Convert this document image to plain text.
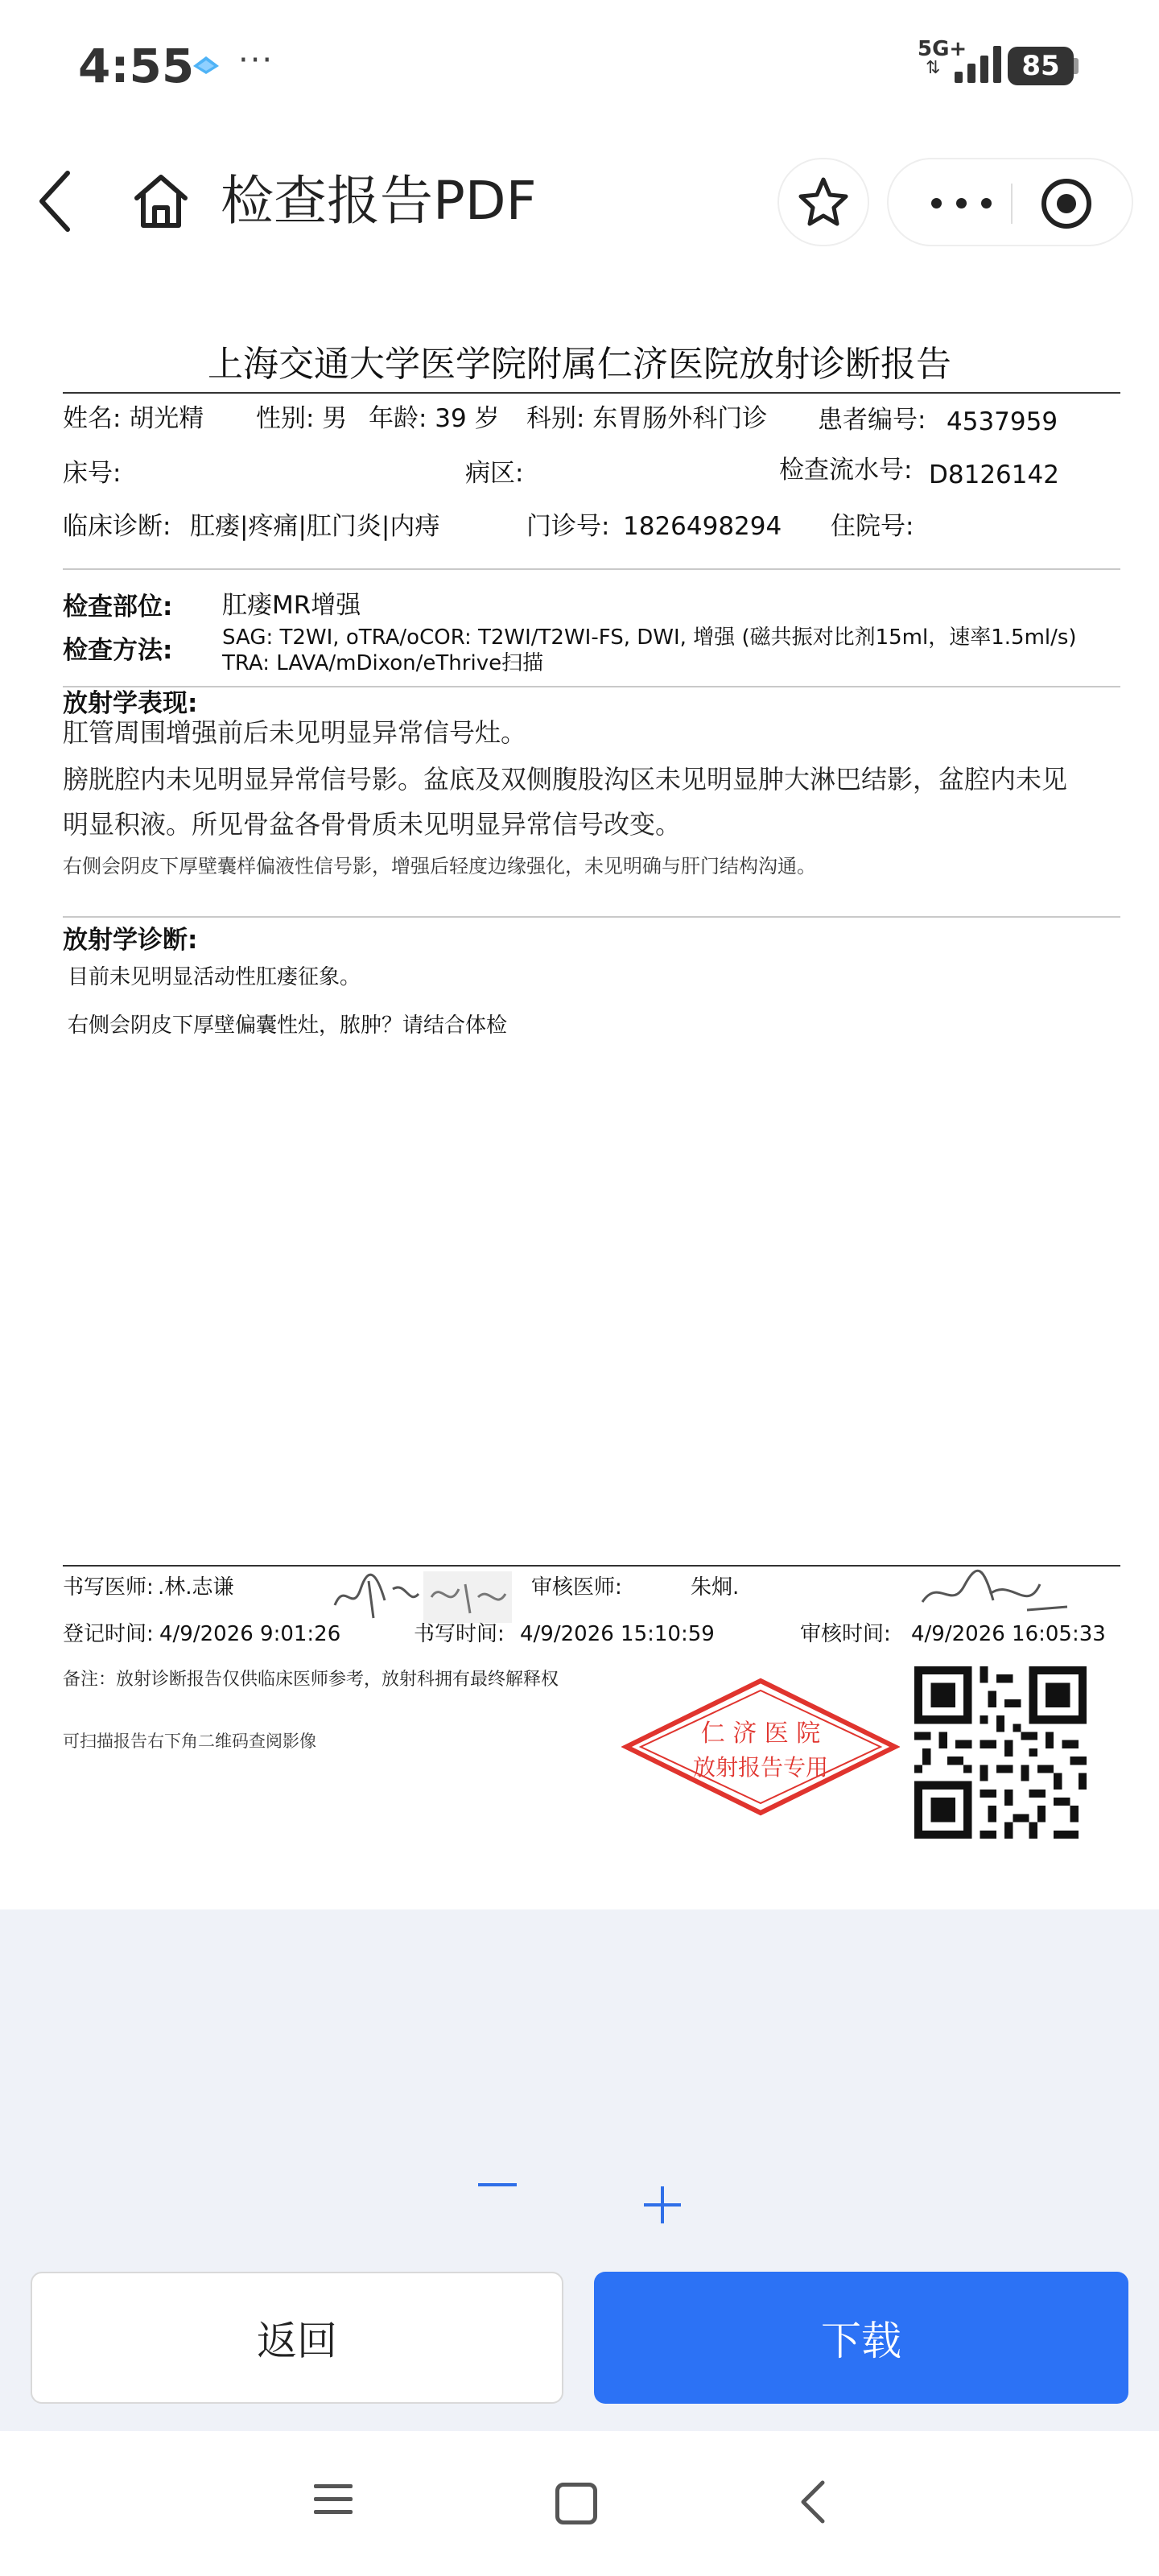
4:55 ···	5G+
⇅	85
检查报告PDF
上海交通大学医学院附属仁济医院放射诊断报告
姓名: 胡光精 性别: 男 年龄: 39 岁 科别: 东胃肠外科门诊 患者编号: 4537959
床号:	病区:	检查流水号: D8126142
临床诊断: 肛瘘|疼痛|肛门炎|内痔	门诊号: 1826498294 住院号:
检查部位: 肛瘘MR增强
检查方法: SAG: T2WI, oTRA/oCOR: T2WI/T2WI-FS, DWI, 增强 (磁共振对比剂15ml，速率1.5ml/s)
TRA: LAVA/mDixon/eThrive扫描
放射学表现:
肛管周围增强前后未见明显异常信号灶。
膀胱腔内未见明显异常信号影。盆底及双侧腹股沟区未见明显肿大淋巴结影，盆腔内未见
明显积液。所见骨盆各骨骨质未见明显异常信号改变。
右侧会阴皮下厚壁囊样偏液性信号影，增强后轻度边缘强化，未见明确与肝门结构沟通。
放射学诊断:
目前未见明显活动性肛瘘征象。
右侧会阴皮下厚壁偏囊性灶，脓肿？请结合体检
书写医师: .林.志谦	审核医师:	朱炯.
登记时间: 4/9/2026 9:01:26	书写时间: 4/9/2026 15:10:59	审核时间: 4/9/2026 16:05:33
备注：放射诊断报告仅供临床医师参考，放射科拥有最终解释权
可扫描报告右下角二维码查阅影像	仁 济 医 院
放射报告专用
返回	下载
